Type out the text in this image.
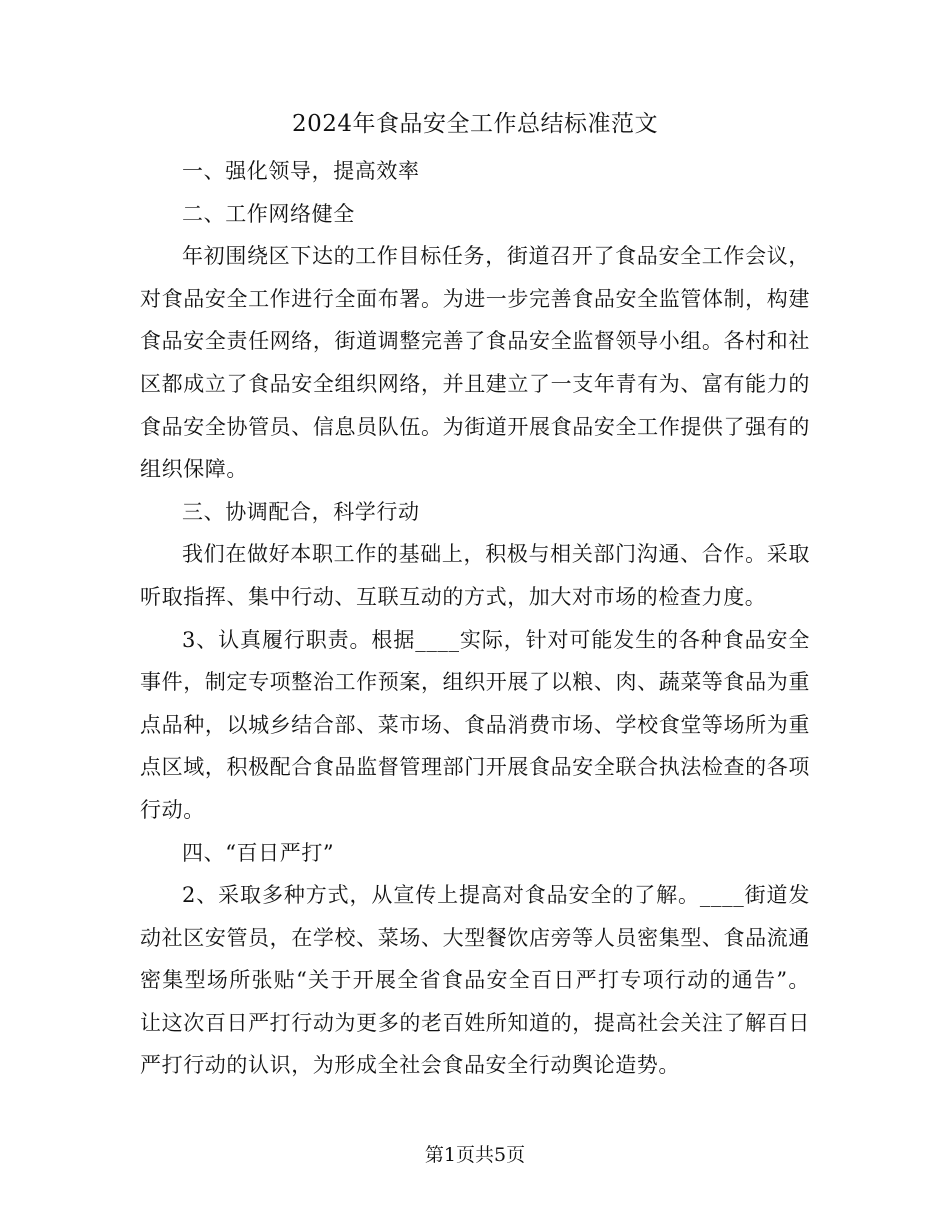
2024年食品安全工作总结标准范文

一、强化领导，提高效率

二、工作网络健全

年初围绕区下达的工作目标任务，街道召开了食品安全工作会议，对食品安全工作进行全面布署。为进一步完善食品安全监管体制，构建食品安全责任网络，街道调整完善了食品安全监督领导小组。各村和社区都成立了食品安全组织网络，并且建立了一支年青有为、富有能力的食品安全协管员、信息员队伍。为街道开展食品安全工作提供了强有的组织保障。

三、协调配合，科学行动

我们在做好本职工作的基础上，积极与相关部门沟通、合作。采取听取指挥、集中行动、互联互动的方式，加大对市场的检查力度。

3、认真履行职责。根据____实际，针对可能发生的各种食品安全事件，制定专项整治工作预案，组织开展了以粮、肉、蔬菜等食品为重点品种，以城乡结合部、菜市场、食品消费市场、学校食堂等场所为重点区域，积极配合食品监督管理部门开展食品安全联合执法检查的各项行动。

四、“百日严打”

2、采取多种方式，从宣传上提高对食品安全的了解。____街道发动社区安管员，在学校、菜场、大型餐饮店旁等人员密集型、食品流通密集型场所张贴“关于开展全省食品安全百日严打专项行动的通告”。让这次百日严打行动为更多的老百姓所知道的，提高社会关注了解百日严打行动的认识，为形成全社会食品安全行动舆论造势。

第1页共5页
